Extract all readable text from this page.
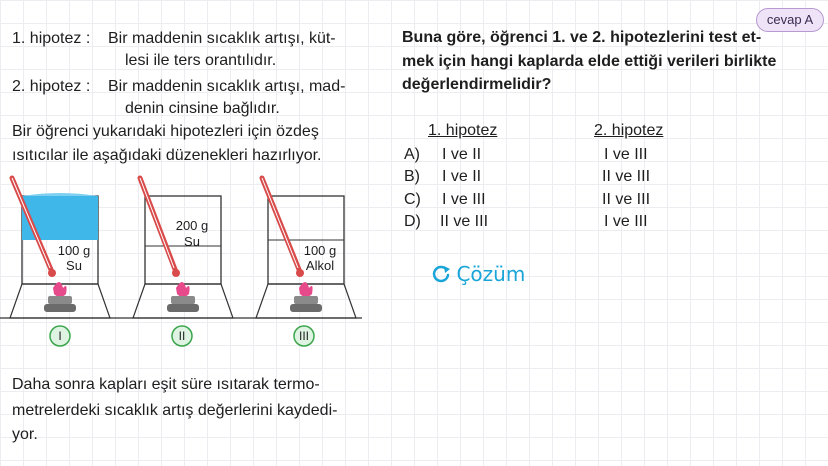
cevap A
1. hipotez : Bir maddenin sıcaklık artışı, küt-
lesi ile ters orantılıdır.
2. hipotez : Bir maddenin sıcaklık artışı, mad-
denin cinsine bağlıdır.
Bir öğrenci yukarıdaki hipotezleri için özdeş
ısıtıcılar ile aşağıdaki düzenekleri hazırlıyor.
100 g
Su
200 g
Su
100 g
Alkol
I	II	III
Daha sonra kapları eşit süre ısıtarak termo-
metrelerdeki sıcaklık artış değerlerini kaydedi-
yor.
Buna göre, öğrenci 1. ve 2. hipotezlerini test et-
mek için hangi kaplarda elde ettiği verileri birlikte
değerlendirmelidir?
1. hipotez	2. hipotez
A) I ve II	I ve III
B) I ve II	II ve III
C) I ve III	II ve III
D) II ve III	I ve III
Çözüm
